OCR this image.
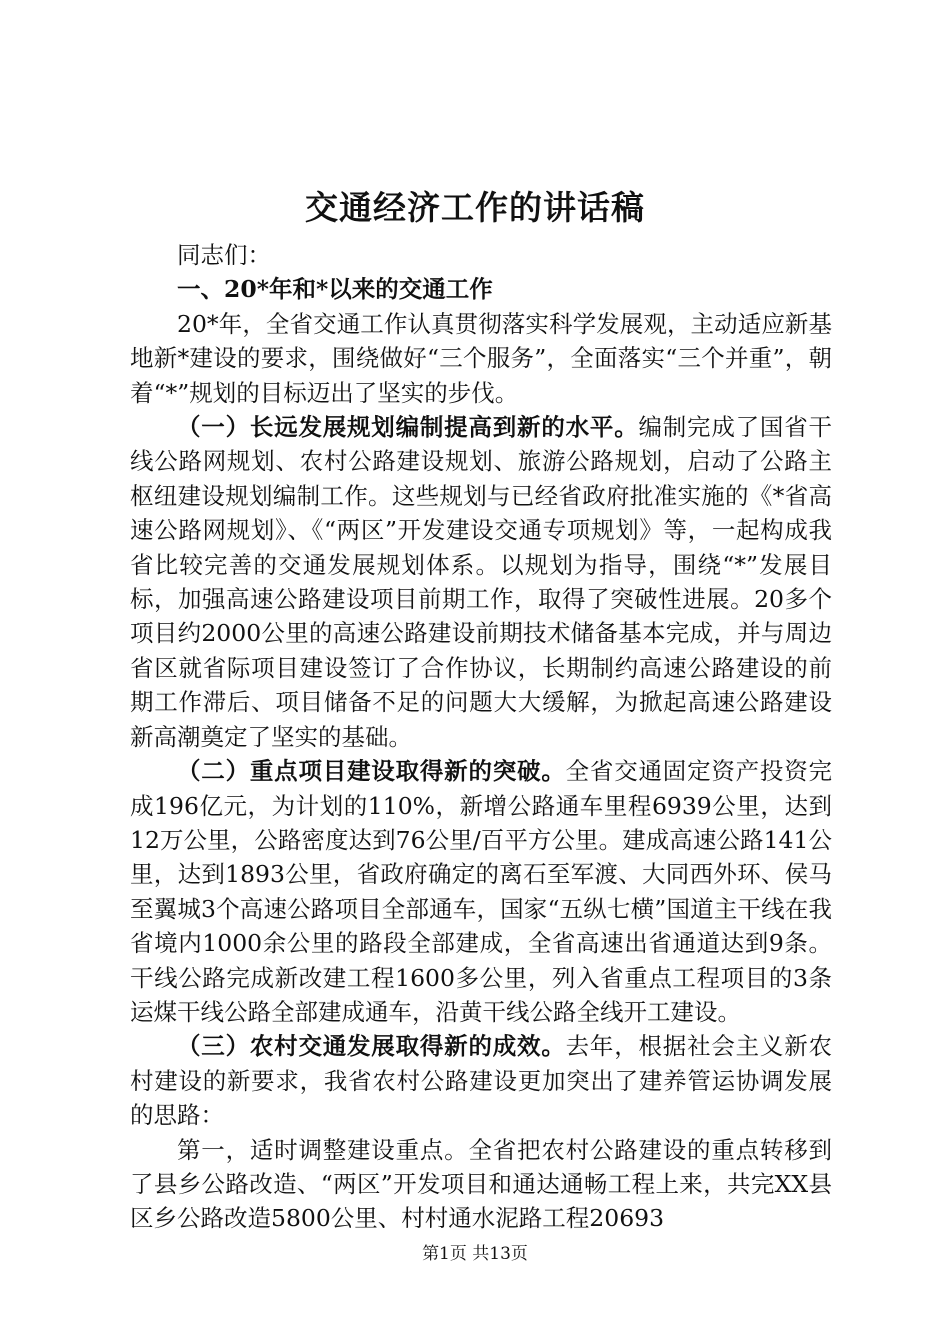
交通经济工作的讲话稿

同志们：

一、20*年和*以来的交通工作

20*年，全省交通工作认真贯彻落实科学发展观，主动适应新基地新*建设的要求，围绕做好“三个服务”，全面落实“三个并重”，朝着“*”规划的目标迈出了坚实的步伐。

（一）长远发展规划编制提高到新的水平。编制完成了国省干线公路网规划、农村公路建设规划、旅游公路规划，启动了公路主枢纽建设规划编制工作。这些规划与已经省政府批准实施的《*省高速公路网规划》、《“两区”开发建设交通专项规划》等，一起构成我省比较完善的交通发展规划体系。以规划为指导，围绕“*”发展目标，加强高速公路建设项目前期工作，取得了突破性进展。20多个项目约2000公里的高速公路建设前期技术储备基本完成，并与周边省区就省际项目建设签订了合作协议，长期制约高速公路建设的前期工作滞后、项目储备不足的问题大大缓解，为掀起高速公路建设新高潮奠定了坚实的基础。

（二）重点项目建设取得新的突破。全省交通固定资产投资完成196亿元，为计划的110%，新增公路通车里程6939公里，达到12万公里，公路密度达到76公里/百平方公里。建成高速公路141公里，达到1893公里，省政府确定的离石至军渡、大同西外环、侯马至翼城3个高速公路项目全部通车，国家“五纵七横”国道主干线在我省境内1000余公里的路段全部建成，全省高速出省通道达到9条。干线公路完成新改建工程1600多公里，列入省重点工程项目的3条运煤干线公路全部建成通车，沿黄干线公路全线开工建设。

（三）农村交通发展取得新的成效。去年，根据社会主义新农村建设的新要求，我省农村公路建设更加突出了建养管运协调发展的思路：

第一，适时调整建设重点。全省把农村公路建设的重点转移到了县乡公路改造、“两区”开发项目和通达通畅工程上来，共完XX县区乡公路改造5800公里、村村通水泥路工程20693

第1页 共13页
